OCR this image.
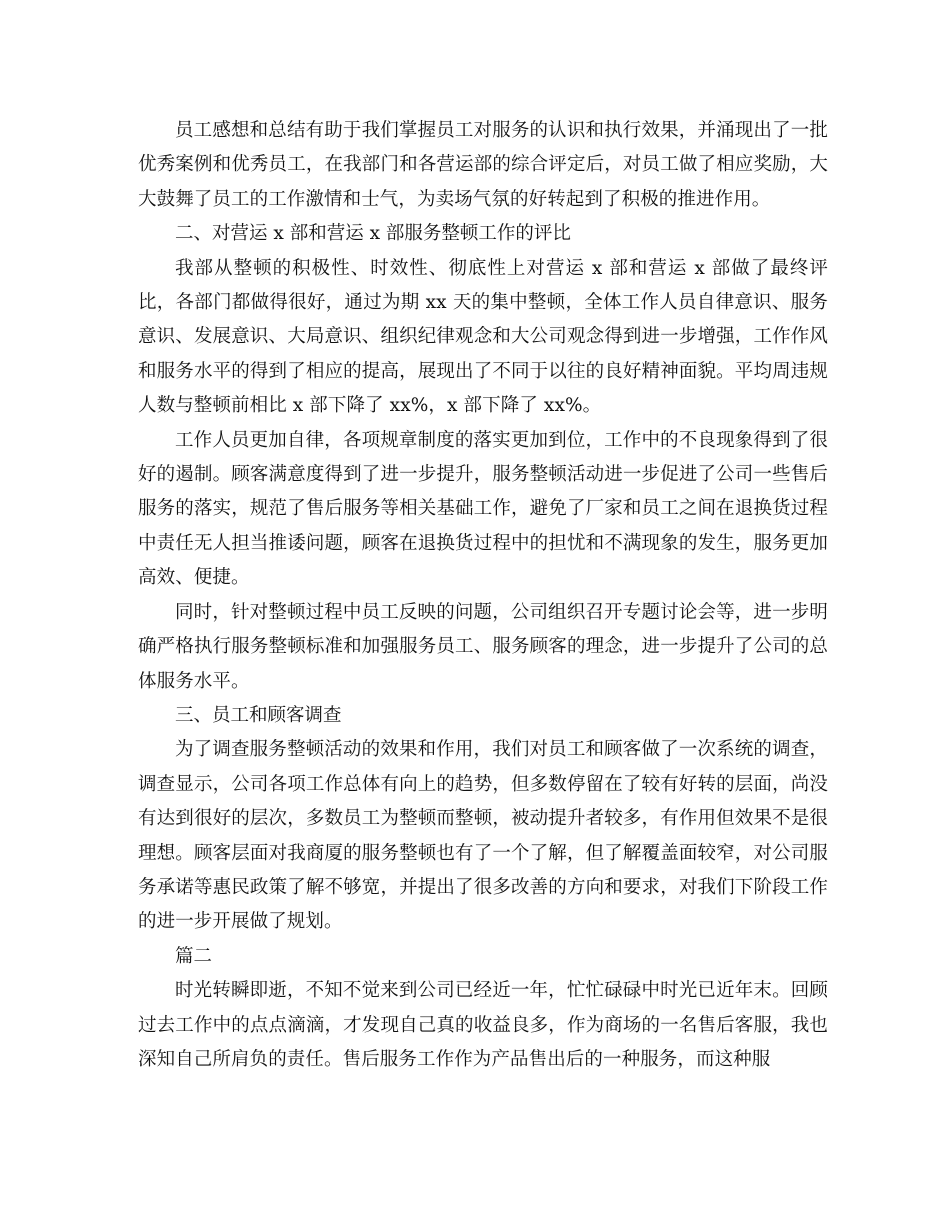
员工感想和总结有助于我们掌握员工对服务的认识和执行效果，并涌现出了一批优秀案例和优秀员工，在我部门和各营运部的综合评定后，对员工做了相应奖励，大大鼓舞了员工的工作激情和士气，为卖场气氛的好转起到了积极的推进作用。

二、对营运 x 部和营运 x 部服务整顿工作的评比

我部从整顿的积极性、时效性、彻底性上对营运 x 部和营运 x 部做了最终评比，各部门都做得很好，通过为期 xx 天的集中整顿，全体工作人员自律意识、服务意识、发展意识、大局意识、组织纪律观念和大公司观念得到进一步增强，工作作风和服务水平的得到了相应的提高，展现出了不同于以往的良好精神面貌。平均周违规人数与整顿前相比 x 部下降了 xx%，x 部下降了 xx%。

工作人员更加自律，各项规章制度的落实更加到位，工作中的不良现象得到了很好的遏制。顾客满意度得到了进一步提升，服务整顿活动进一步促进了公司一些售后服务的落实，规范了售后服务等相关基础工作，避免了厂家和员工之间在退换货过程中责任无人担当推诿问题，顾客在退换货过程中的担忧和不满现象的发生，服务更加高效、便捷。

同时，针对整顿过程中员工反映的问题，公司组织召开专题讨论会等，进一步明确严格执行服务整顿标准和加强服务员工、服务顾客的理念，进一步提升了公司的总体服务水平。

三、员工和顾客调查

为了调查服务整顿活动的效果和作用，我们对员工和顾客做了一次系统的调查，调查显示，公司各项工作总体有向上的趋势，但多数停留在了较有好转的层面，尚没有达到很好的层次，多数员工为整顿而整顿，被动提升者较多，有作用但效果不是很理想。顾客层面对我商厦的服务整顿也有了一个了解，但了解覆盖面较窄，对公司服务承诺等惠民政策了解不够宽，并提出了很多改善的方向和要求，对我们下阶段工作的进一步开展做了规划。

篇二

时光转瞬即逝，不知不觉来到公司已经近一年，忙忙碌碌中时光已近年末。回顾过去工作中的点点滴滴，才发现自己真的收益良多，作为商场的一名售后客服，我也深知自己所肩负的责任。售后服务工作作为产品售出后的一种服务，而这种服
